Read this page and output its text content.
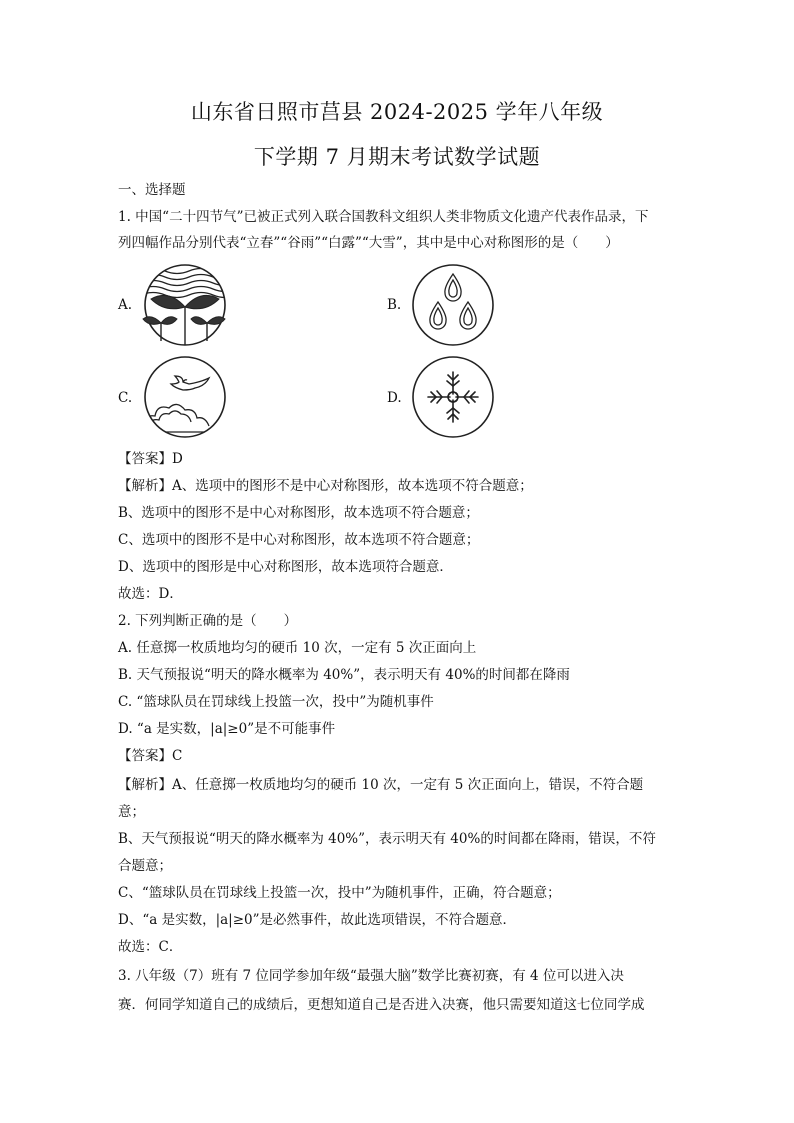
山东省日照市莒县 2024-2025 学年八年级
下学期 7 月期末考试数学试题
一、选择题
1. 中国“二十四节气”已被正式列入联合国教科文组织人类非物质文化遗产代表作品录，下
列四幅作品分别代表“立春”“谷雨”“白露”“大雪”，其中是中心对称图形的是（　　）
A.	B.
C.	D.
【答案】D
【解析】A、选项中的图形不是中心对称图形，故本选项不符合题意；
B、选项中的图形不是中心对称图形，故本选项不符合题意；
C、选项中的图形不是中心对称图形，故本选项不符合题意；
D、选项中的图形是中心对称图形，故本选项符合题意．
故选：D．
2. 下列判断正确的是（　　）
A. 任意掷一枚质地均匀的硬币 10 次，一定有 5 次正面向上
B. 天气预报说“明天的降水概率为 40%”，表示明天有 40%的时间都在降雨
C. “篮球队员在罚球线上投篮一次，投中”为随机事件
D. “a 是实数，|a|≥0”是不可能事件
【答案】C
【解析】A、任意掷一枚质地均匀的硬币 10 次，一定有 5 次正面向上，错误，不符合题
意；
B、天气预报说“明天的降水概率为 40%”，表示明天有 40%的时间都在降雨，错误，不符
合题意；
C、“篮球队员在罚球线上投篮一次，投中”为随机事件，正确，符合题意；
D、“a 是实数，|a|≥0”是必然事件，故此选项错误，不符合题意．
故选：C．
3. 八年级（7）班有 7 位同学参加年级“最强大脑”数学比赛初赛，有 4 位可以进入决
赛．何同学知道自己的成绩后，更想知道自己是否进入决赛，他只需要知道这七位同学成
